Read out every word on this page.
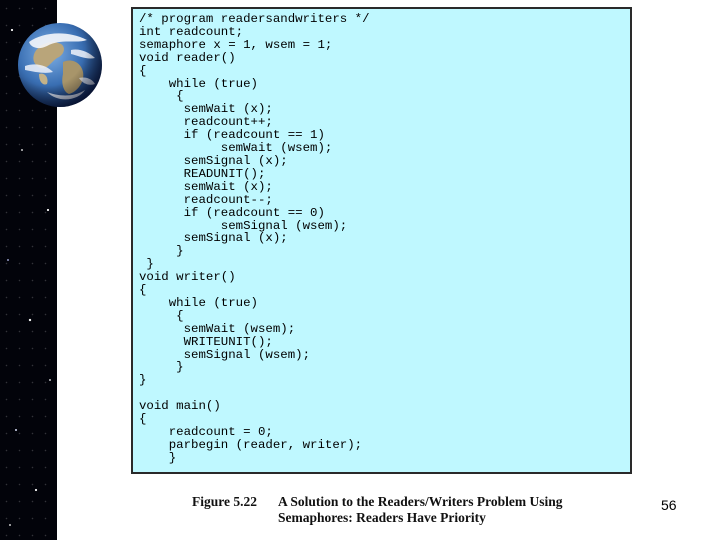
/* program readersandwriters */
int readcount;
semaphore x = 1, wsem = 1;
void reader()
{
while (true)
{
semWait (x);
readcount++;
if (readcount == 1)
semWait (wsem);
semSignal (x);
READUNIT();
semWait (x);
readcount--;
if (readcount == 0)
semSignal (wsem);
semSignal (x);
}
}
void writer()
{
while (true)
{
semWait (wsem);
WRITEUNIT();
semSignal (wsem);
}
}

void main()
{
readcount = 0;
parbegin (reader, writer);
}
Figure 5.22 A Solution to the Readers/Writers Problem Using
Semaphores: Readers Have Priority
56
